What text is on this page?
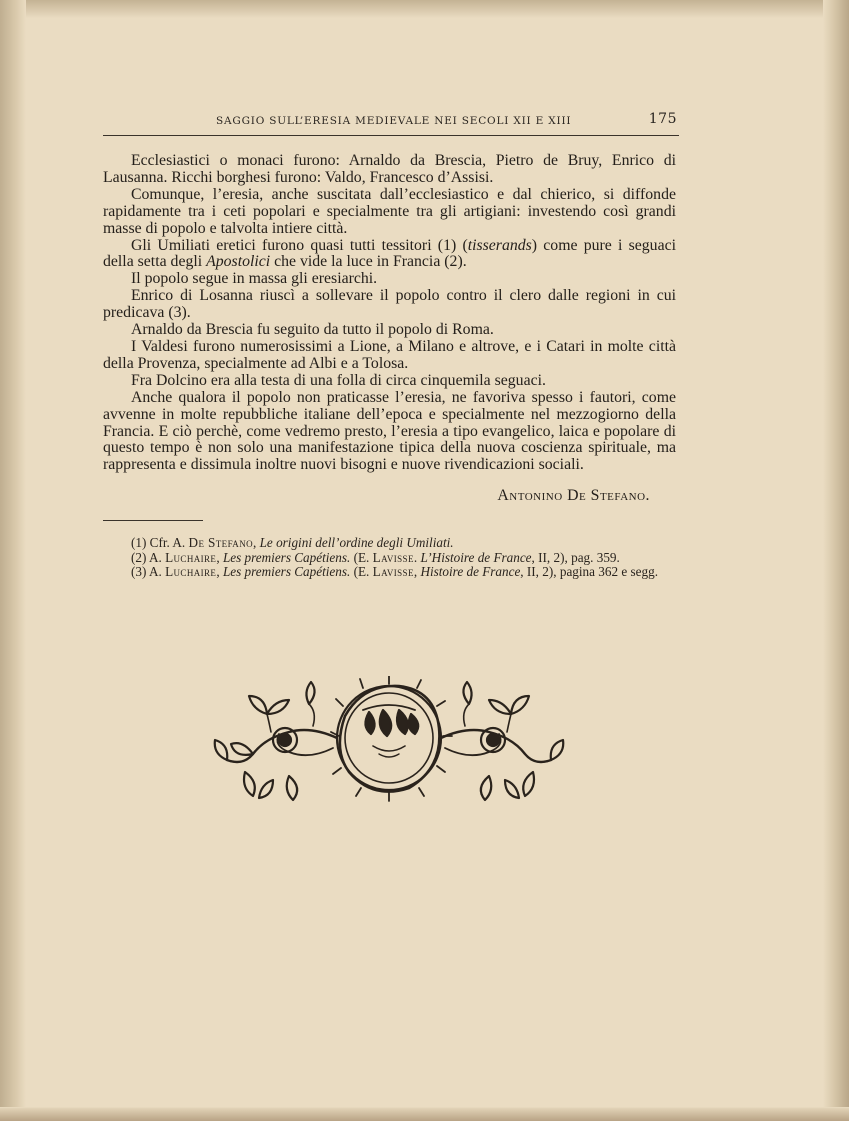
SAGGIO SULL’ERESIA MEDIEVALE NEI SECOLI XII E XIII	175

Ecclesiastici o monaci furono: Arnaldo da Brescia, Pietro de Bruy, Enrico di Lausanna. Ricchi borghesi furono: Valdo, Francesco d’Assisi.

Comunque, l’eresia, anche suscitata dall’ecclesiastico e dal chierico, si diffonde rapidamente tra i ceti popolari e specialmente tra gli artigiani: investendo così grandi masse di popolo e talvolta intiere città.

Gli Umiliati eretici furono quasi tutti tessitori (1) (tisserands) come pure i seguaci della setta degli Apostolici che vide la luce in Francia (2).

Il popolo segue in massa gli eresiarchi.

Enrico di Losanna riuscì a sollevare il popolo contro il clero dalle regioni in cui predicava (3).

Arnaldo da Brescia fu seguito da tutto il popolo di Roma.

I Valdesi furono numerosissimi a Lione, a Milano e altrove, e i Catari in molte città della Provenza, specialmente ad Albi e a Tolosa.

Fra Dolcino era alla testa di una folla di circa cinquemila seguaci.

Anche qualora il popolo non praticasse l’eresia, ne favoriva spesso i fautori, come avvenne in molte repubbliche italiane dell’epoca e specialmente nel mezzogiorno della Francia. E ciò perchè, come vedremo presto, l’eresia a tipo evangelico, laica e popolare di questo tempo è non solo una manifestazione tipica della nuova coscienza spirituale, ma rappresenta e dissimula inoltre nuovi bisogni e nuove rivendicazioni sociali.

Antonino De Stefano.

(1) Cfr. A. De Stefano, Le origini dell’ordine degli Umiliati.

(2) A. Luchaire, Les premiers Capétiens. (E. Lavisse. L’Histoire de France, II, 2), pag. 359.

(3) A. Luchaire, Les premiers Capétiens. (E. Lavisse, Histoire de France, II, 2), pagina 362 e segg.
